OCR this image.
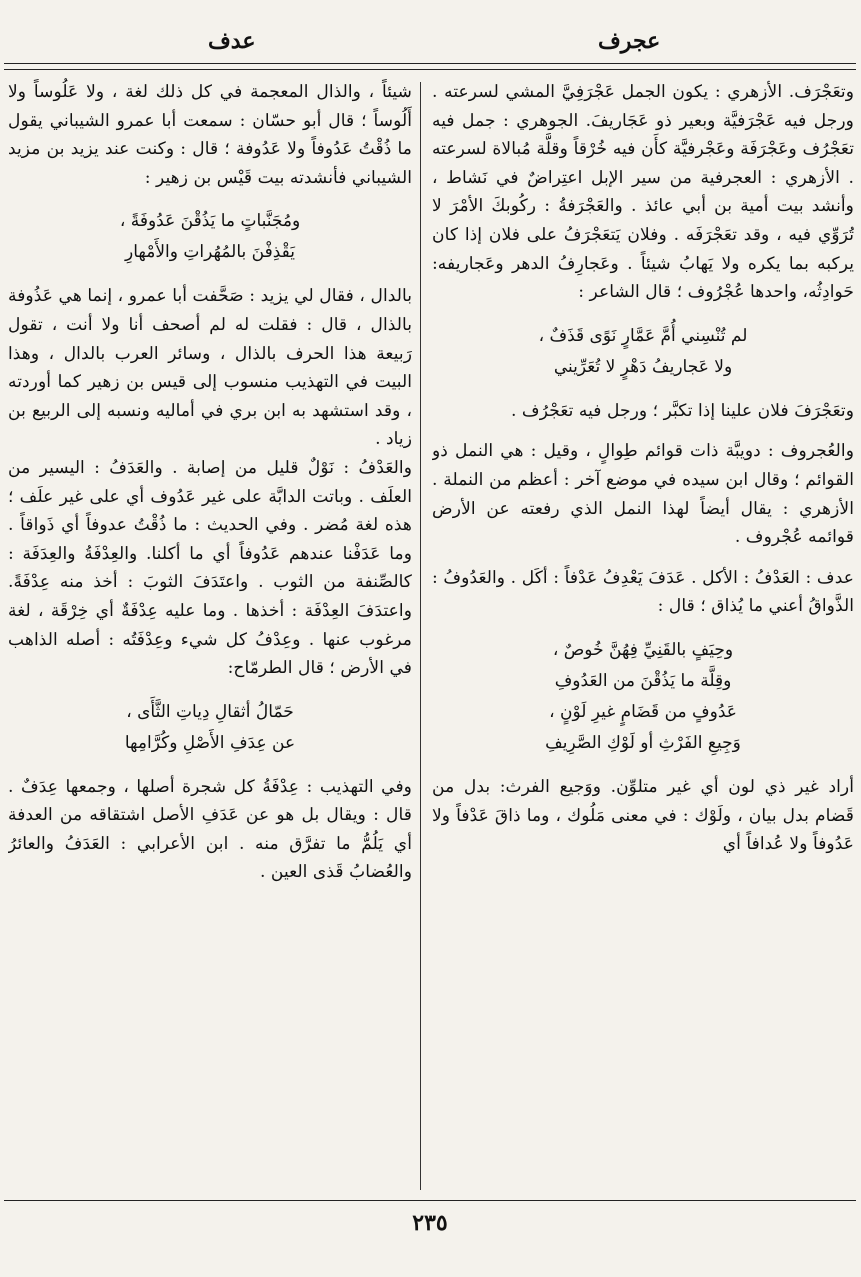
عجرف
عدف

وتعَجْرَف. الأزهري : يكون الجمل عَجْرَفِيَّ المشي لسرعته . ورجل فيه عَجْرَفيَّة وبعير ذو عَجَاريفَ. الجوهري : جمل فيه تعَجْرُف وعَجْرَفَة وعَجْرفيَّة كأَن فيه خُرْقاً وقلَّة مُبالاة لسرعته . الأزهري : العجرفية من سير الإبل اعتِراضٌ في نَشاط ، وأنشد بيت أمية بن أبي عائذ . والعَجْرَفةُ : ركُوبكَ الأمْرَ لا تُرَوِّي فيه ، وقد تعَجْرَفَه . وفلان يَتعَجْرَفُ على فلان إذا كان يركبه بما يكره ولا يَهابُ شيئاً . وعَجارِفُ الدهر وعَجاريفه: حَوادِثُه، واحدها عُجْرُوف ؛ قال الشاعر :

لم تُنْسِني أُمَّ عَمَّارٍ نَوًى قَذَفٌ ،
ولا عَجاريفُ دَهْرٍ لا تُعَرِّيني

وتعَجْرَفَ فلان علينا إذا تكبَّر ؛ ورجل فيه تعَجْرُف .

والعُجروف : دويبَّة ذات قوائم طِوالٍ ، وقيل : هي النمل ذو القوائم ؛ وقال ابن سيده في موضع آخر : أعظم من النملة . الأزهري : يقال أيضاً لهذا النمل الذي رفعته عن الأرض قوائمه عُجْروف .

عدف : العَدْفُ : الأكل . عَدَفَ يَعْدِفُ عَدْفاً : أكَل . والعَدُوفُ : الذَّواقُ أعني ما يُذاق ؛ قال :

وحِيَفٍ بالقَنِيِّ فِهُنَّ خُوصٌ ،
وقِلَّة ما يَذُقْنَ من العَدُوفِ
عَدُوفٍ من قَضَامٍ غيرِ لَوْنٍ ،
وَجِيعِ الفَرْثِ أو لَوْكِ الصَّرِيفِ

أراد غير ذي لون أي غير متلوِّن. ووَجيع الفرث: بدل من قَضام بدل بيان ، ولَوْك : في معنى مَلُوك ، وما ذاقَ عَدْفاً ولا عَدُوفاً ولا عُدافاً أي

شيئاً ، والذال المعجمة في كل ذلك لغة ، ولا عَلُوساً ولا أَلُوساً ؛ قال أبو حسّان : سمعت أبا عمرو الشيباني يقول ما ذُقْتُ عَدُوفاً ولا عَدُوفة ؛ قال : وكنت عند يزيد بن مزيد الشيباني فأنشدته بيت قَيْس بن زهير :

ومُجَنَّباتٍ ما يَذُقْنَ عَدُوفَةً ،
يَقْذِفْنَ بالمُهُراتِ والأَمْهارِ

بالدال ، فقال لي يزيد : صَحَّفت أبا عمرو ، إنما هي عَذُوفة بالذال ، قال : فقلت له لم أصحف أنا ولا أنت ، تقول رَبيعة هذا الحرف بالذال ، وسائر العرب بالدال ، وهذا البيت في التهذيب منسوب إلى قيس بن زهير كما أوردته ، وقد استشهد به ابن بري في أماليه ونسبه إلى الربيع بن زياد .

والعَدْفُ : نَوْلٌ قليل من إصابة . والعَدَفُ : اليسير من العلَف . وباتت الدابَّة على غير عَدُوف أي على غير علَف ؛ هذه لغة مُضر . وفي الحديث : ما ذُقْتُ عدوفاً أي ذَواقاً . وما عَدَفْنا عندهم عَدُوفاً أي ما أكلنا. والعِدْفَةُ والعِدَفَة : كالصِّنفة من الثوب . واعتَدَفَ الثوبَ : أخذ منه عِدْفَةً. واعتدَفَ العِدْفَة : أخذها . وما عليه عِدْفَةٌ أي خِرْقَة ، لغة مرغوب عنها . وعِدْفُ كل شيء وعِدْفَتُه : أصله الذاهب في الأرض ؛ قال الطرمّاح:

حَمّالُ أثقالِ دِياتِ الثَّأَى ،
عن عِدَفِ الأَصْلِ وكُرَّامِها

وفي التهذيب : عِدْفَةُ كل شجرة أصلها ، وجمعها عِدَفٌ . قال : ويقال بل هو عن عَدَفِ الأصل اشتقاقه من العدفة أي يَلُمُّ ما تفرَّق منه . ابن الأعرابي : العَدَفُ والعائرُ والعُضابُ قَذى العين .

٢٣٥
